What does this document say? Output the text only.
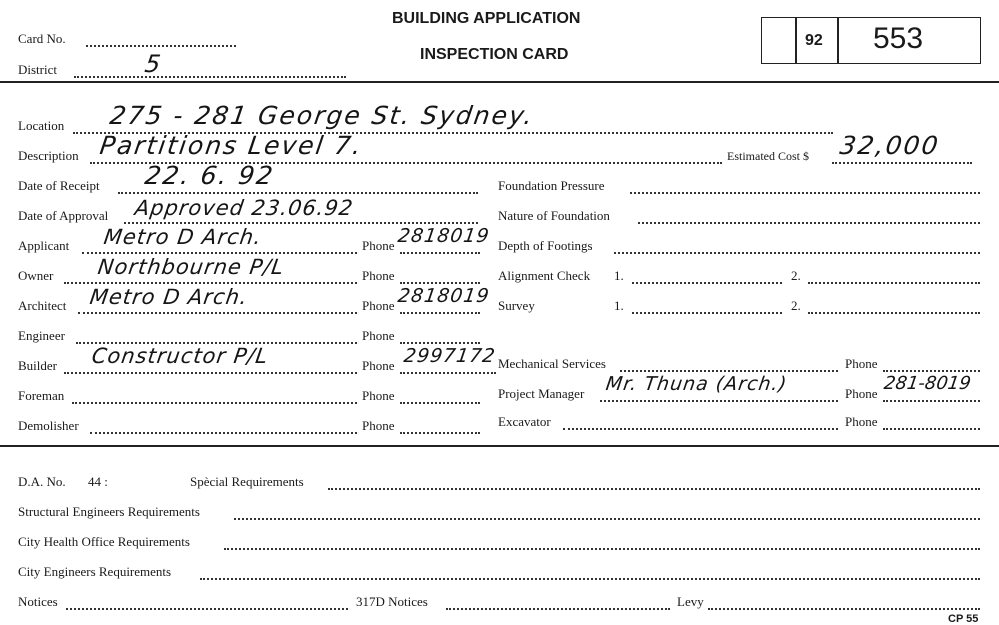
Card No.
District	5
BUILDING APPLICATION
INSPECTION CARD
92 553
Location 275 - 281 George St. Sydney.
Description Partitions Level 7.	Estimated Cost $ 32,000
Date of Receipt 22. 6. 92
Date of Approval Approved 23.06.92
Applicant Metro D Arch.	Phone 2818019
Owner Northbourne P/L	Phone
Architect Metro D Arch.	Phone 2818019
Engineer	Phone
Builder Constructor P/L	Phone 2997172
Foreman	Phone
Demolisher	Phone
Foundation Pressure
Nature of Foundation
Depth of Footings
Alignment Check 1.	2.
Survey	1.	2.
Mechanical Services	Phone
Project Manager Mr. Thuna (Arch.)	Phone 281-8019
Excavator	Phone
D.A. No. 44 :	Spècial Requirements
Structural Engineers Requirements
City Health Office Requirements
City Engineers Requirements
Notices	317D Notices	Levy
CP 55
